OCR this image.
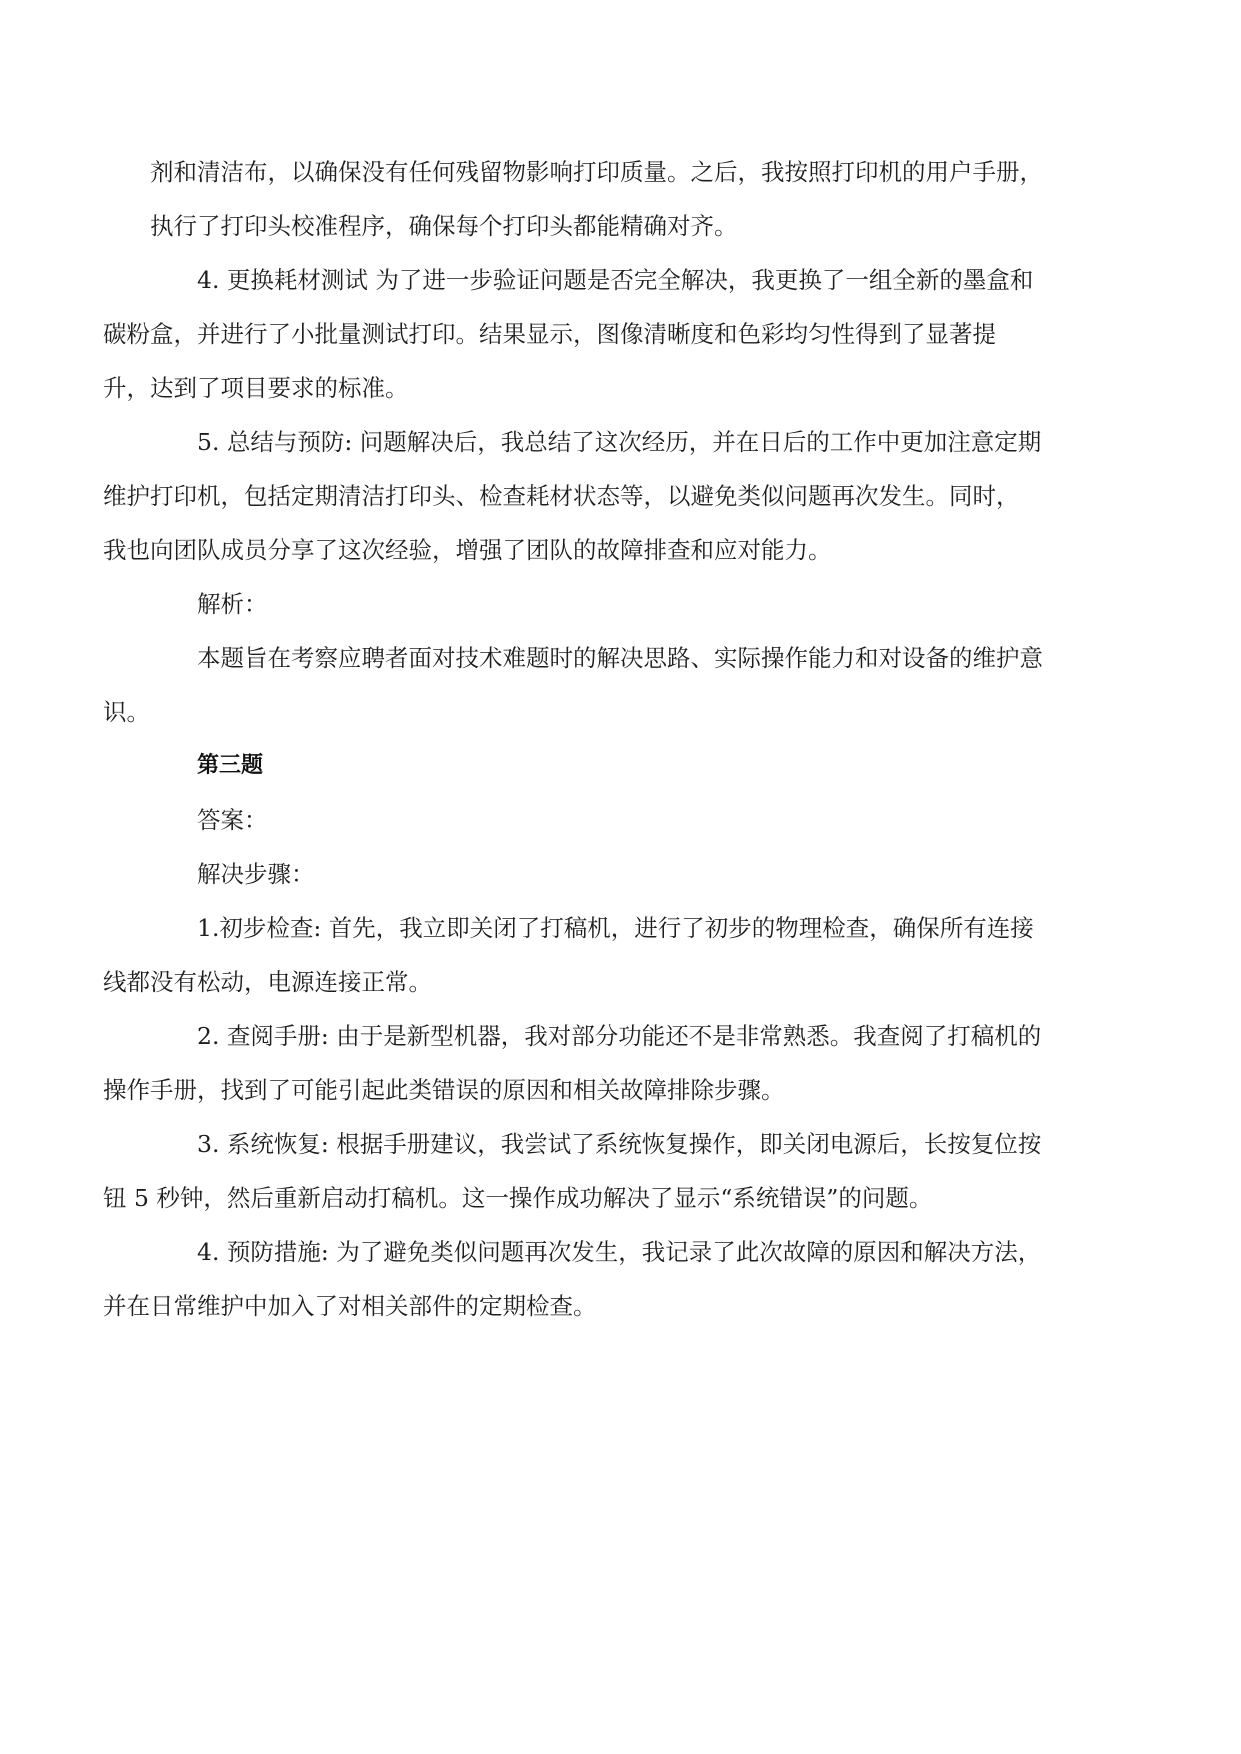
剂和清洁布，以确保没有任何残留物影响打印质量。之后，我按照打印机的用户手册，
执行了打印头校准程序，确保每个打印头都能精确对齐。

4. 更换耗材测试 为了进一步验证问题是否完全解决，我更换了一组全新的墨盒和
碳粉盒，并进行了小批量测试打印。结果显示，图像清晰度和色彩均匀性得到了显著提
升，达到了项目要求的标准。

5. 总结与预防: 问题解决后，我总结了这次经历，并在日后的工作中更加注意定期
维护打印机，包括定期清洁打印头、检查耗材状态等，以避免类似问题再次发生。同时，
我也向团队成员分享了这次经验，增强了团队的故障排查和应对能力。

解析：

本题旨在考察应聘者面对技术难题时的解决思路、实际操作能力和对设备的维护意
识。

第三题

答案：

解决步骤：

1.初步检查: 首先，我立即关闭了打稿机，进行了初步的物理检查，确保所有连接
线都没有松动，电源连接正常。

2. 查阅手册: 由于是新型机器，我对部分功能还不是非常熟悉。我查阅了打稿机的
操作手册，找到了可能引起此类错误的原因和相关故障排除步骤。

3. 系统恢复: 根据手册建议，我尝试了系统恢复操作，即关闭电源后，长按复位按
钮 5 秒钟，然后重新启动打稿机。这一操作成功解决了显示“系统错误”的问题。

4. 预防措施: 为了避免类似问题再次发生，我记录了此次故障的原因和解决方法，
并在日常维护中加入了对相关部件的定期检查。
